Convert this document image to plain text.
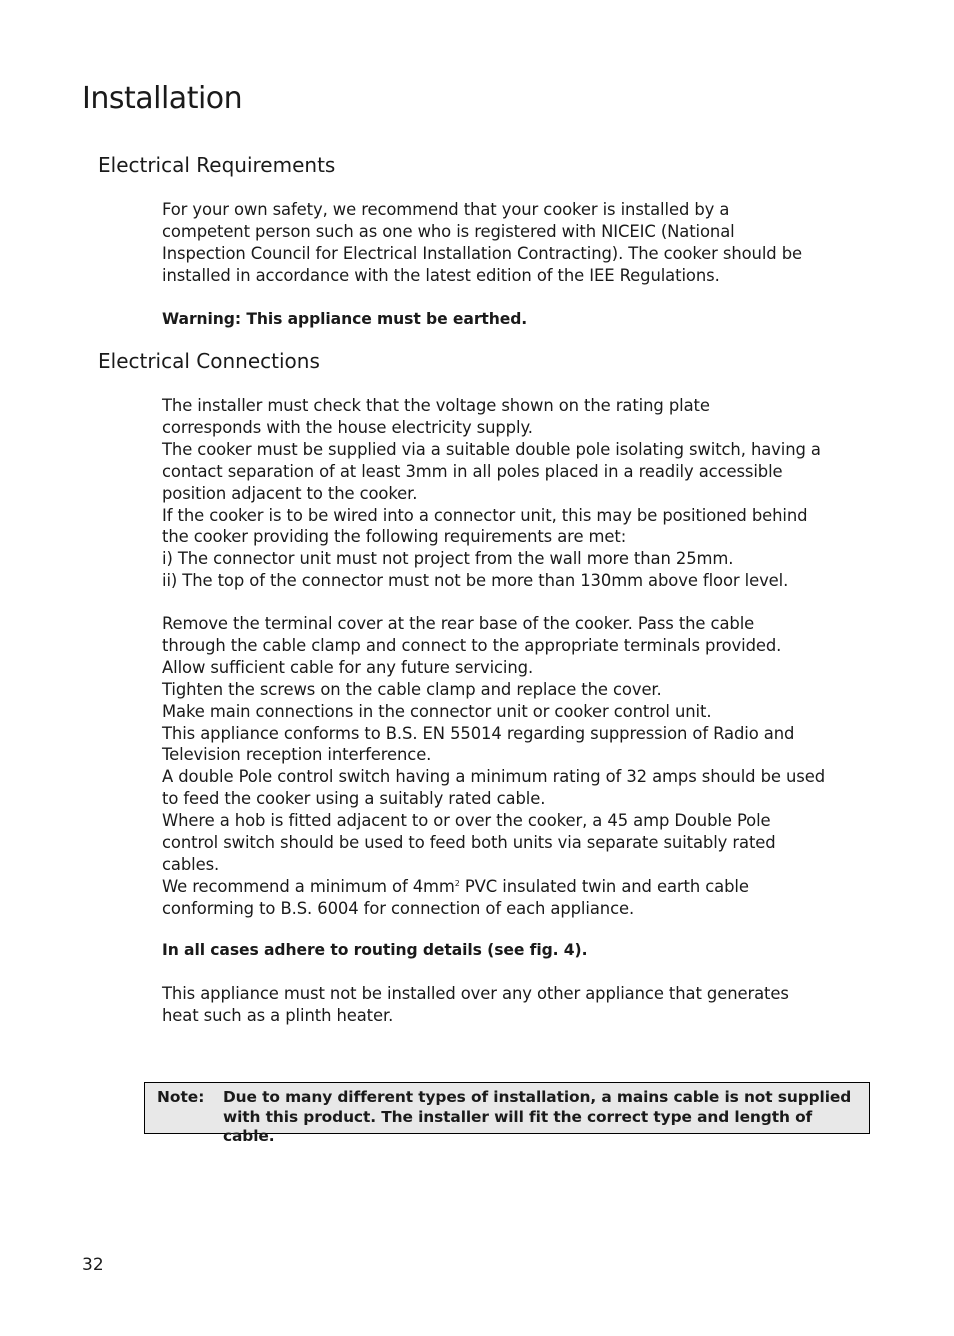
Installation
Electrical Requirements

For your own safety, we recommend that your cooker is installed by a

competent person such as one who is registered with NICEIC (National

Inspection Council for Electrical Installation Contracting). The cooker should be

installed in accordance with the latest edition of the IEE Regulations.

Warning: This appliance must be earthed.
Electrical Connections

The installer must check that the voltage shown on the rating plate

corresponds with the house electricity supply.

The cooker must be supplied via a suitable double pole isolating switch, having a

contact separation of at least 3mm in all poles placed in a readily accessible

position adjacent to the cooker.

If the cooker is to be wired into a connector unit, this may be positioned behind

the cooker providing the following requirements are met:

i) The connector unit must not project from the wall more than 25mm.

ii) The top of the connector must not be more than 130mm above floor level.

Remove the terminal cover at the rear base of the cooker. Pass the cable

through the cable clamp and connect to the appropriate terminals provided.

Allow sufficient cable for any future servicing.

Tighten the screws on the cable clamp and replace the cover.

Make main connections in the connector unit or cooker control unit.

This appliance conforms to B.S. EN 55014 regarding suppression of Radio and

Television reception interference.

A double Pole control switch having a minimum rating of 32 amps should be used

to feed the cooker using a suitably rated cable.

Where a hob is fitted adjacent to or over the cooker, a 45 amp Double Pole

control switch should be used to feed both units via separate suitably rated

cables.

We recommend a minimum of $4mm^2$ PVC insulated twin and earth cable

conforming to B.S. 6004 for connection of each appliance.

In all cases adhere to routing details (see fig. 4).

This appliance must not be installed over any other appliance that generates

heat such as a plinth heater.

Note: Due to many different types of installation, a mains cable is not supplied
with this product. The installer will fit the correct type and length of cable.
32
